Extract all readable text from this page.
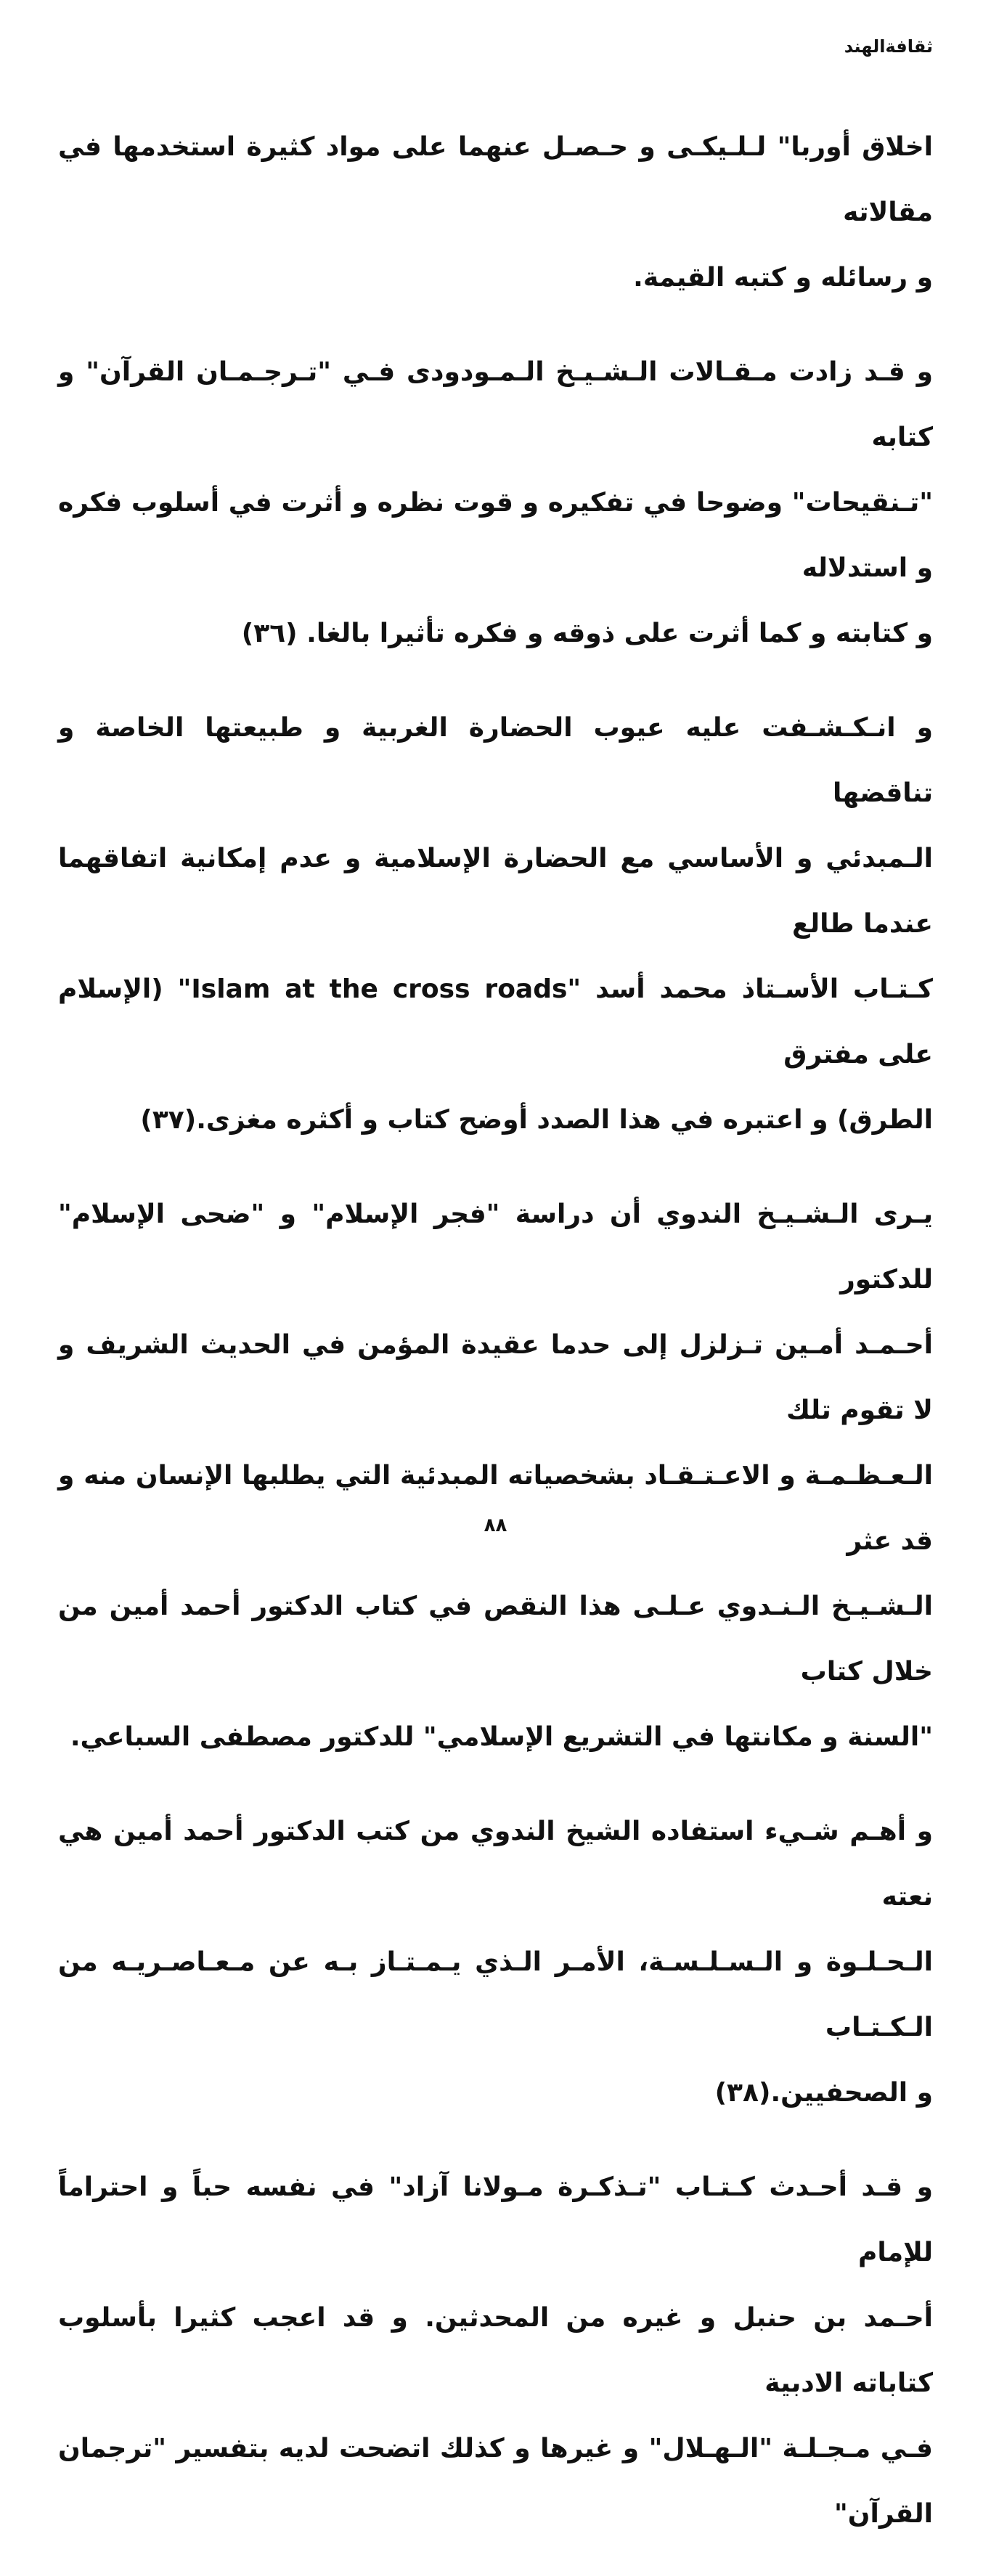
ثقافةالهند

اخلاق أوربا" لـلـيكـى و حـصـل عنهما على مواد كثيرة استخدمها في مقالاته
و رسائله و كتبه القيمة.

و قـد زادت مـقـالات الـشـيـخ الـمـودودى فـي "تـرجـمـان القرآن" و كتابه
"تـنقيحات" وضوحا في تفكيره و قوت نظره و أثرت في أسلوب فكره و استدلاله
و كتابته و كما أثرت على ذوقه و فكره تأثيرا بالغا. (٣٦)

و انـكـشـفت عليه عيوب الحضارة الغربية و طبيعتها الخاصة و تناقضها
الـمبدئي و الأساسي مع الحضارة الإسلامية و عدم إمكانية اتفاقهما عندما طالع
كـتـاب الأسـتاذ محمد أسد "Islam at the cross roads" (الإسلام على مفترق
الطرق) و اعتبره في هذا الصدد أوضح كتاب و أكثره مغزى.(٣٧)

يـرى الـشـيـخ الندوي أن دراسة "فجر الإسلام" و "ضحى الإسلام" للدكتور
أحـمـد أمـين تـزلزل إلى حدما عقيدة المؤمن في الحديث الشريف و لا تقوم تلك
الـعـظـمـة و الاعـتـقـاد بشخصياته المبدئية التي يطلبها الإنسان منه و قد عثر
الـشـيـخ الـنـدوي عـلـى هذا النقص في كتاب الدكتور أحمد أمين من خلال كتاب
"السنة و مكانتها في التشريع الإسلامي" للدكتور مصطفى السباعي.

و أهـم شـيء استفاده الشيخ الندوي من كتب الدكتور أحمد أمين هي نعته
الـحـلـوة و الـسـلـسـة، الأمـر الـذي يـمـتـاز بـه عن مـعـاصـريـه من الـكـتـاب
و الصحفيين.(٣٨)

و قـد أحـدث كـتـاب "تـذكـرة مـولانا آزاد" في نفسه حباً و احتراماً للإمام
أحـمد بن حنبل و غيره من المحدثين. و قد اعجب كثيرا بأسلوب كتاباته الادبية
فـي مـجـلـة "الـهـلال" و غيرها و كذلك اتضحت لديه بتفسير "ترجمان القرآن"

٨٨
